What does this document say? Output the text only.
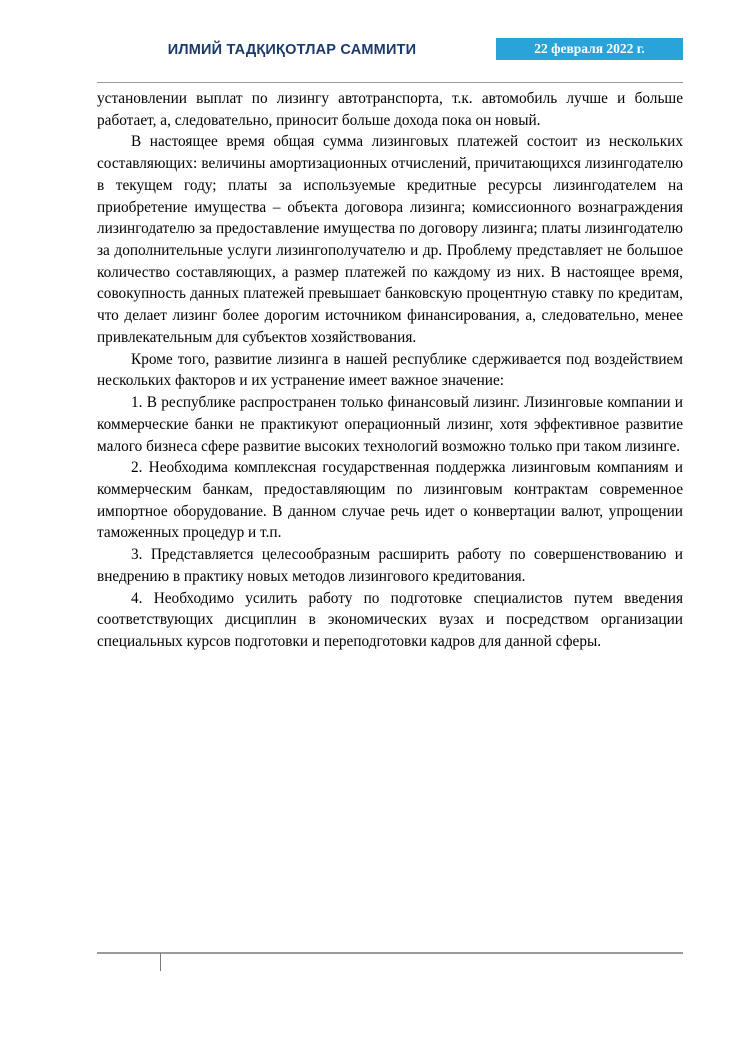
ИЛМИЙ ТАДҚИҚОТЛАР САММИТИ	22 февраля 2022 г.

установлении выплат по лизингу автотранспорта, т.к. автомобиль лучше и больше работает, а, следовательно, приносит больше дохода пока он новый.

В настоящее время общая сумма лизинговых платежей состоит из нескольких составляющих: величины амортизационных отчислений, причитающихся лизингодателю в текущем году; платы за используемые кредитные ресурсы лизингодателем на приобретение имущества – объекта договора лизинга; комиссионного вознаграждения лизингодателю за предоставление имущества по договору лизинга; платы лизингодателю за дополнительные услуги лизингополучателю и др. Проблему представляет не большое количество составляющих, а размер платежей по каждому из них. В настоящее время, совокупность данных платежей превышает банковскую процентную ставку по кредитам, что делает лизинг более дорогим источником финансирования, а, следовательно, менее привлекательным для субъектов хозяйствования.

Кроме того, развитие лизинга в нашей республике сдерживается под воздействием нескольких факторов и их устранение имеет важное значение:

1. В республике распространен только финансовый лизинг. Лизинговые компании и коммерческие банки не практикуют операционный лизинг, хотя эффективное развитие малого бизнеса сфере развитие высоких технологий возможно только при таком лизинге.

2. Необходима комплексная государственная поддержка лизинговым компаниям и коммерческим банкам, предоставляющим по лизинговым контрактам современное импортное оборудование. В данном случае речь идет о конвертации валют, упрощении таможенных процедур и т.п.

3. Представляется целесообразным расширить работу по совершенствованию и внедрению в практику новых методов лизингового кредитования.

4. Необходимо усилить работу по подготовке специалистов путем введения соответствующих дисциплин в экономических вузах и посредством организации специальных курсов подготовки и переподготовки кадров для данной сферы.
